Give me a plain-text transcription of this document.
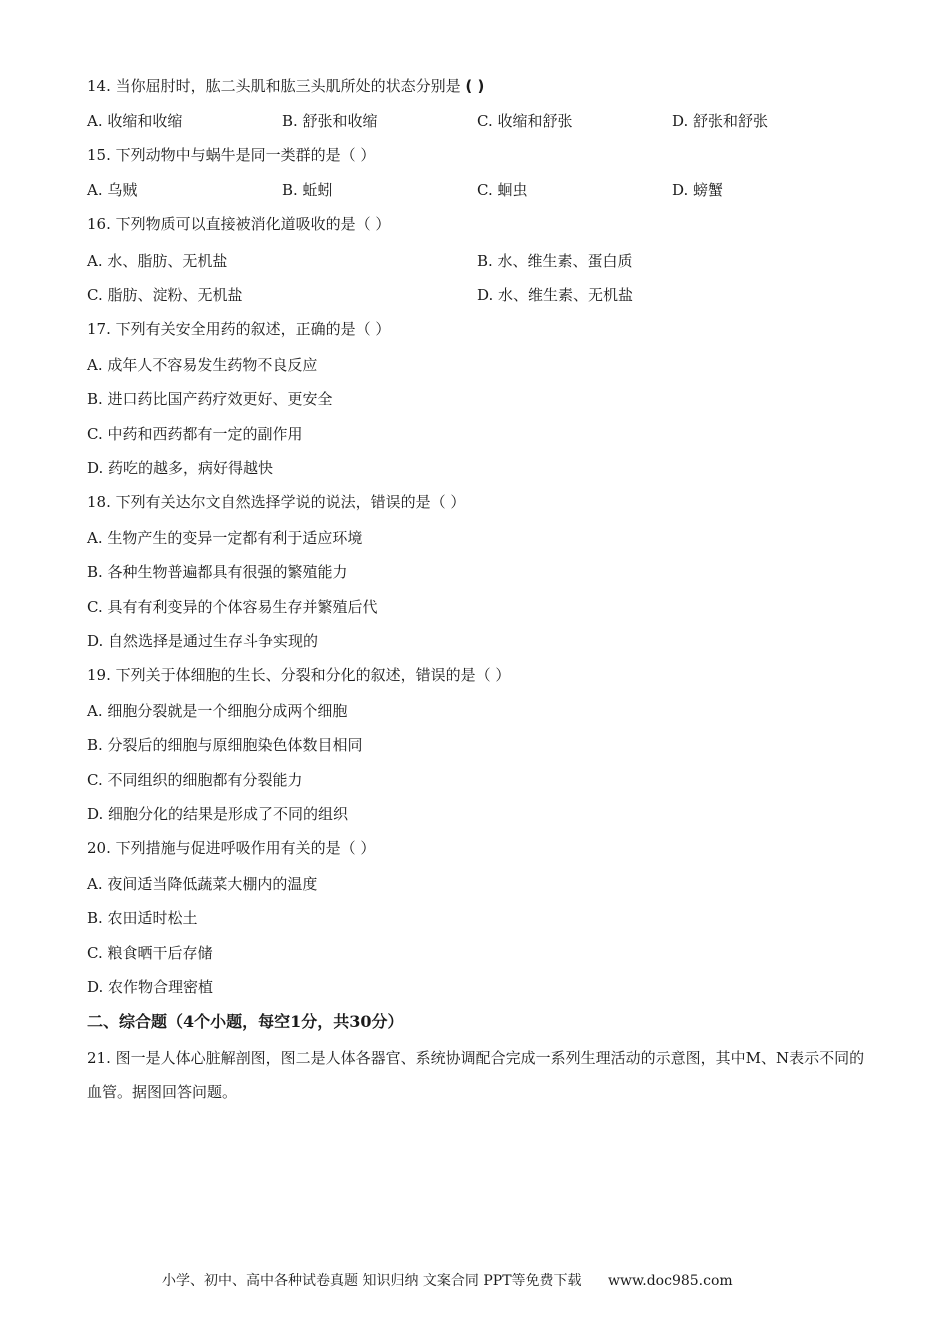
14. 当你屈肘时，肱二头肌和肱三头肌所处的状态分别是 ( )
A. 收缩和收缩	B. 舒张和收缩	C. 收缩和舒张	D. 舒张和舒张
15. 下列动物中与蜗牛是同一类群的是（ ）
A. 乌贼	B. 蚯蚓	C. 蛔虫	D. 螃蟹
16. 下列物质可以直接被消化道吸收的是（ ）
A. 水、脂肪、无机盐	B. 水、维生素、蛋白质
C. 脂肪、淀粉、无机盐	D. 水、维生素、无机盐
17. 下列有关安全用药的叙述，正确的是（ ）
A. 成年人不容易发生药物不良反应
B. 进口药比国产药疗效更好、更安全
C. 中药和西药都有一定的副作用
D. 药吃的越多，病好得越快
18. 下列有关达尔文自然选择学说的说法，错误的是（ ）
A. 生物产生的变异一定都有利于适应环境
B. 各种生物普遍都具有很强的繁殖能力
C. 具有有利变异的个体容易生存并繁殖后代
D. 自然选择是通过生存斗争实现的
19. 下列关于体细胞的生长、分裂和分化的叙述，错误的是（ ）
A. 细胞分裂就是一个细胞分成两个细胞
B. 分裂后的细胞与原细胞染色体数目相同
C. 不同组织的细胞都有分裂能力
D. 细胞分化的结果是形成了不同的组织
20. 下列措施与促进呼吸作用有关的是（ ）
A. 夜间适当降低蔬菜大棚内的温度
B. 农田适时松土
C. 粮食晒干后存储
D. 农作物合理密植
二、综合题（4个小题，每空1分，共30分）
21. 图一是人体心脏解剖图，图二是人体各器官、系统协调配合完成一系列生理活动的示意图，其中M、N表示不同的血管。据图回答问题。
小学、初中、高中各种试卷真题 知识归纳 文案合同 PPT等免费下载 www.doc985.com
